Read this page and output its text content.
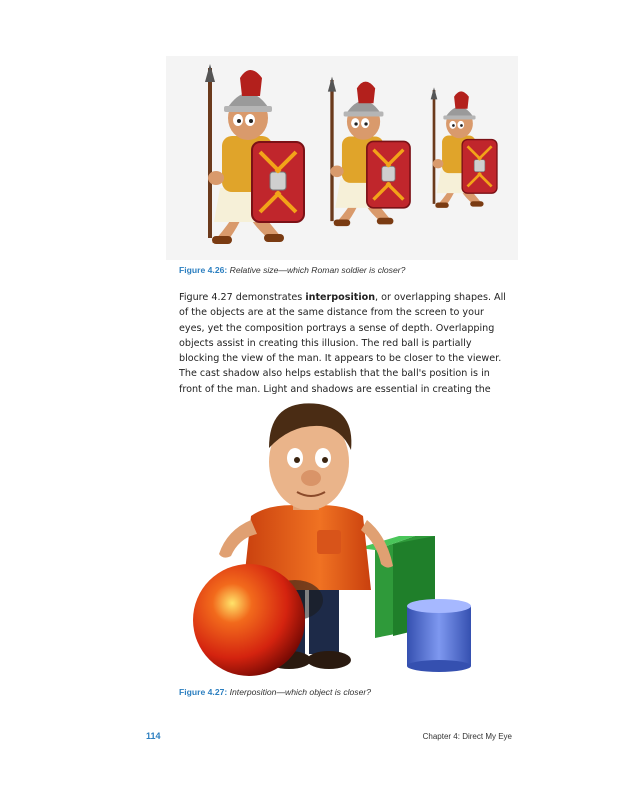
Figure 4.26: Relative size—which Roman soldier is closer?
Figure 4.27 demonstrates interposition, or overlapping shapes. All of the objects are at the same distance from the screen to your eyes, yet the composition portrays a sense of depth. Overlapping objects assist in creating this illusion. The red ball is partially blocking the view of the man. It appears to be closer to the viewer. The cast shadow also helps establish that the ball's position is in front of the man. Light and shadows are essential in creating the
Figure 4.27: Interposition—which object is closer?
114	Chapter 4: Direct My Eye
